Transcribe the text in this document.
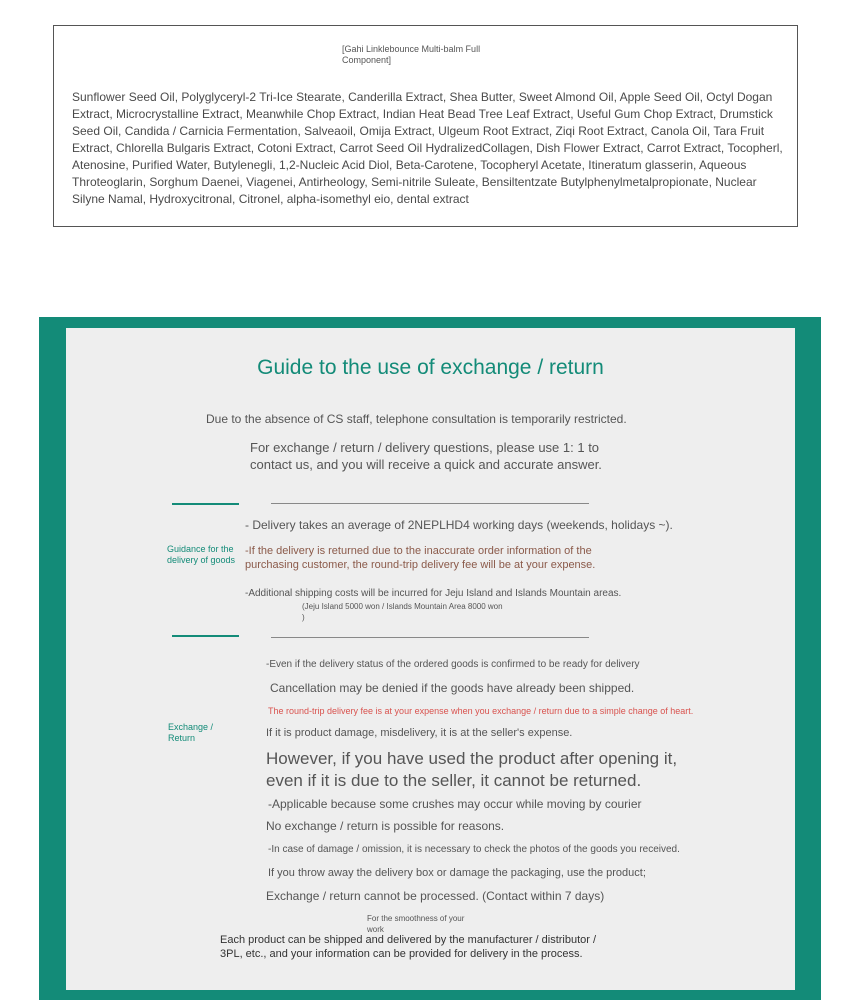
[Gahi Linklebounce Multi-balm Full Component]
Sunflower Seed Oil, Polyglyceryl-2 Tri-Ice Stearate, Canderilla Extract, Shea Butter, Sweet Almond Oil, Apple Seed Oil, Octyl Dogan Extract, Microcrystalline Extract, Meanwhile Chop Extract, Indian Heat Bead Tree Leaf Extract, Useful Gum Chop Extract, Drumstick Seed Oil, Candida / Carnicia Fermentation, Salveaoil, Omija Extract, Ulgeum Root Extract, Ziqi Root Extract, Canola Oil, Tara Fruit Extract, Chlorella Bulgaris Extract, Cotoni Extract, Carrot Seed Oil HydralizedCollagen, Dish Flower Extract, Carrot Extract, Tocopherl, Atenosine, Purified Water, Butylenegli, 1,2-Nucleic Acid Diol, Beta-Carotene, Tocopheryl Acetate, Itineratum glasserin, Aqueous Throteoglarin, Sorghum Daenei, Viagenei, Antirheology, Semi-nitrile Suleate, Bensiltentzate Butylphenylmetalpropionate, Nuclear Silyne Namal, Hydroxycitronal, Citronel, alpha-isomethyl eio, dental extract
Guide to the use of exchange / return
Due to the absence of CS staff, telephone consultation is temporarily restricted.
For exchange / return / delivery questions, please use 1: 1 to
contact us, and you will receive a quick and accurate answer.
Guidance for the
delivery of goods
- Delivery takes an average of 2NEPLHD4 working days (weekends, holidays ~).
-If the delivery is returned due to the inaccurate order information of the
purchasing customer, the round-trip delivery fee will be at your expense.
-Additional shipping costs will be incurred for Jeju Island and Islands Mountain areas.
(Jeju Island 5000 won / Islands Mountain Area 8000 won
)
Exchange /
Return
-Even if the delivery status of the ordered goods is confirmed to be ready for delivery
Cancellation may be denied if the goods have already been shipped.
The round-trip delivery fee is at your expense when you exchange / return due to a simple change of heart.
If it is product damage, misdelivery, it is at the seller's expense.
However, if you have used the product after opening it,
even if it is due to the seller, it cannot be returned.
-Applicable because some crushes may occur while moving by courier
No exchange / return is possible for reasons.
-In case of damage / omission, it is necessary to check the photos of the goods you received.
If you throw away the delivery box or damage the packaging, use the product;
Exchange / return cannot be processed. (Contact within 7 days)
For the smoothness of your
work
Each product can be shipped and delivered by the manufacturer / distributor /
3PL, etc., and your information can be provided for delivery in the process.
